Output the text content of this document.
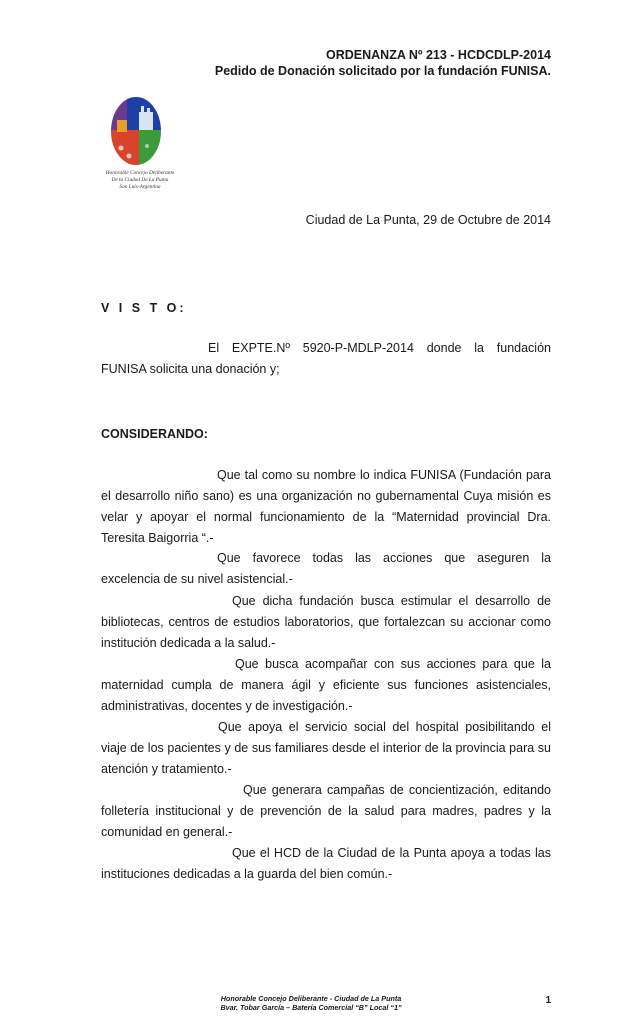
ORDENANZA Nº 213 - HCDCDLP-2014
Pedido de Donación solicitado por la fundación FUNISA.
Honorable Concejo Deliberante
De la Ciudad De La Punta
San Luis-Argentina
Ciudad de La Punta, 29 de Octubre de 2014
V I S T O:

El EXPTE.Nº 5920-P-MDLP-2014 donde la fundación FUNISA solicita una donación y;

CONSIDERANDO:

Que tal como su nombre lo indica FUNISA (Fundación para el desarrollo niño sano) es una organización no gubernamental Cuya misión es velar y apoyar el normal funcionamiento de la “Maternidad provincial Dra. Teresita Baigorria “.-

Que favorece todas las acciones que aseguren la excelencia de su nivel asistencial.-

Que dicha fundación busca estimular el desarrollo de bibliotecas, centros de estudios laboratorios, que fortalezcan su accionar como institución dedicada a la salud.-

Que busca acompañar con sus acciones para que la maternidad cumpla de manera ágil y eficiente sus funciones asistenciales, administrativas, docentes y de investigación.-

Que apoya el servicio social del hospital posibilitando el viaje de los pacientes y de sus familiares desde el interior de la provincia para su atención y tratamiento.-

Que generara campañas de concientización, editando folletería institucional y de prevención de la salud para madres, padres y la comunidad en general.-

Que el HCD de la Ciudad de la Punta apoya a todas las instituciones dedicadas a la guarda del bien común.-

Honorable Concejo Deliberante - Ciudad de La Punta
Bvar. Tobar García – Batería Comercial “B” Local “1”
1
